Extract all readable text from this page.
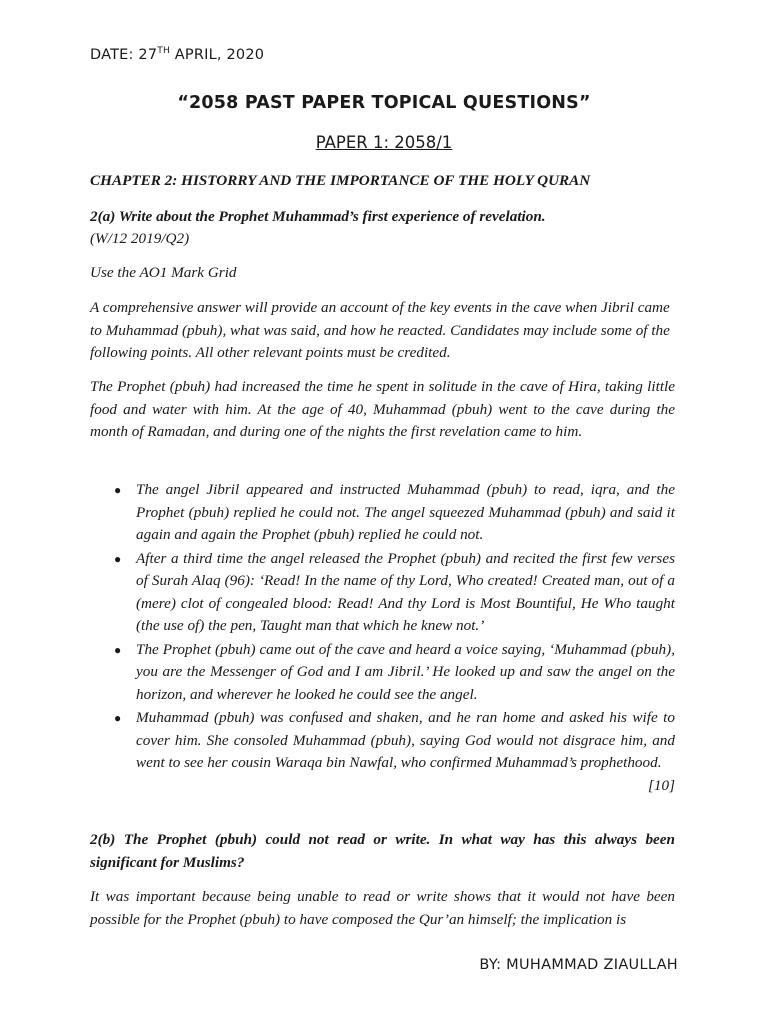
DATE: 27TH APRIL, 2020
“2058 PAST PAPER TOPICAL QUESTIONS”
PAPER 1: 2058/1
CHAPTER 2: HISTORRY AND THE IMPORTANCE OF THE HOLY QURAN
2(a) Write about the Prophet Muhammad’s first experience of revelation.
(W/12 2019/Q2)
Use the AO1 Mark Grid
A comprehensive answer will provide an account of the key events in the cave when Jibril came to Muhammad (pbuh), what was said, and how he reacted. Candidates may include some of the following points. All other relevant points must be credited.
The Prophet (pbuh) had increased the time he spent in solitude in the cave of Hira, taking little food and water with him. At the age of 40, Muhammad (pbuh) went to the cave during the month of Ramadan, and during one of the nights the first revelation came to him.
● The angel Jibril appeared and instructed Muhammad (pbuh) to read, iqra, and the Prophet (pbuh) replied he could not. The angel squeezed Muhammad (pbuh) and said it again and again the Prophet (pbuh) replied he could not.
● After a third time the angel released the Prophet (pbuh) and recited the first few verses of Surah Alaq (96): ‘Read! In the name of thy Lord, Who created! Created man, out of a (mere) clot of congealed blood: Read! And thy Lord is Most Bountiful, He Who taught (the use of) the pen, Taught man that which he knew not.’
● The Prophet (pbuh) came out of the cave and heard a voice saying, ‘Muhammad (pbuh), you are the Messenger of God and I am Jibril.’ He looked up and saw the angel on the horizon, and wherever he looked he could see the angel.
● Muhammad (pbuh) was confused and shaken, and he ran home and asked his wife to cover him. She consoled Muhammad (pbuh), saying God would not disgrace him, and went to see her cousin Waraqa bin Nawfal, who confirmed Muhammad’s prophethood.
[10]
2(b) The Prophet (pbuh) could not read or write. In what way has this always been significant for Muslims?
It was important because being unable to read or write shows that it would not have been possible for the Prophet (pbuh) to have composed the Qur’an himself; the implication is
BY: MUHAMMAD ZIAULLAH
